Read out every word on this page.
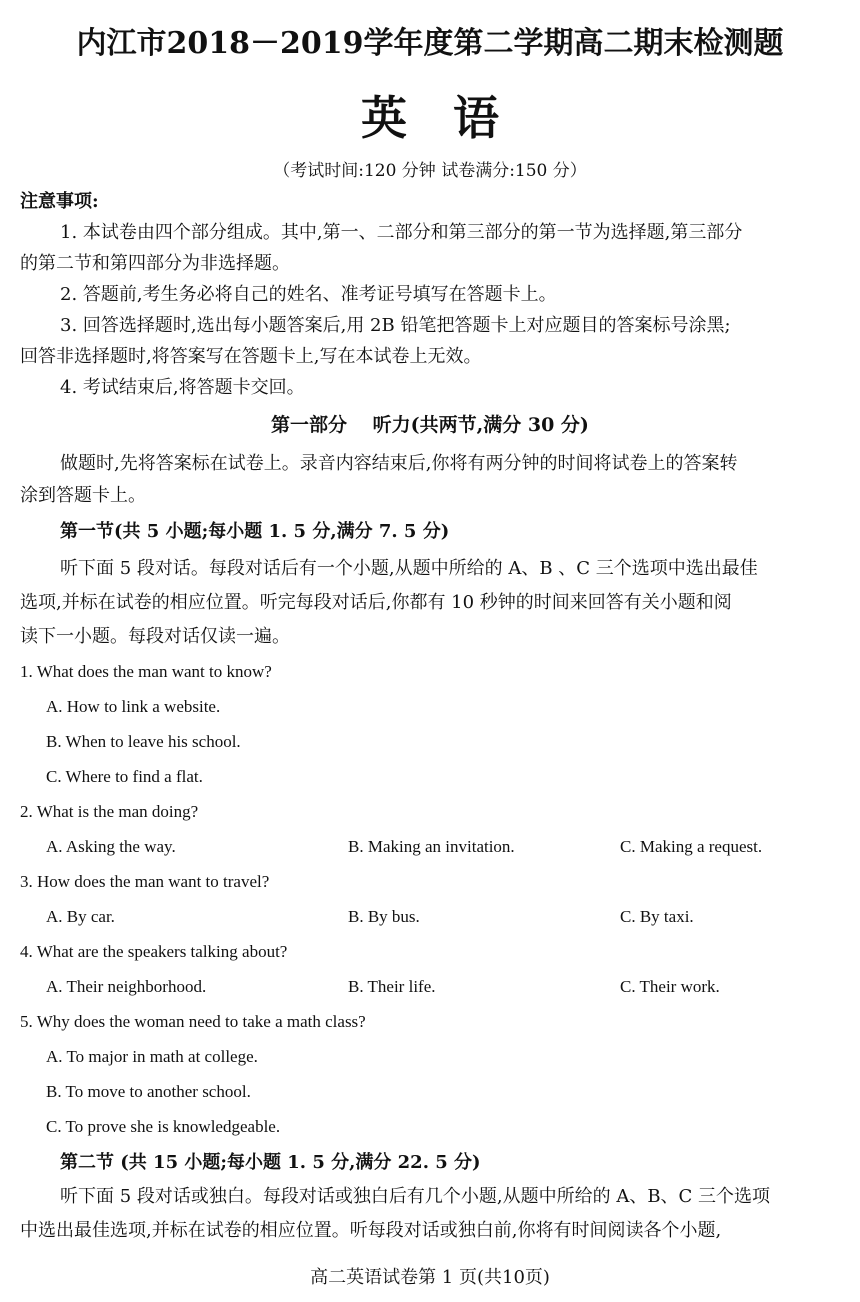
内江市2018－2019学年度第二学期高二期末检测题
英语
（考试时间:120 分钟 试卷满分:150 分）
注意事项:
1. 本试卷由四个部分组成。其中,第一、二部分和第三部分的第一节为选择题,第三部分
的第二节和第四部分为非选择题。
2. 答题前,考生务必将自己的姓名、准考证号填写在答题卡上。
3. 回答选择题时,选出每小题答案后,用 2B 铅笔把答题卡上对应题目的答案标号涂黑;
回答非选择题时,将答案写在答题卡上,写在本试卷上无效。
4. 考试结束后,将答题卡交回。
第一部分　 听力(共两节,满分 30 分)
做题时,先将答案标在试卷上。录音内容结束后,你将有两分钟的时间将试卷上的答案转
涂到答题卡上。
第一节(共 5 小题;每小题 1. 5 分,满分 7. 5 分)
听下面 5 段对话。每段对话后有一个小题,从题中所给的 A、B 、C 三个选项中选出最佳
选项,并标在试卷的相应位置。听完每段对话后,你都有 10 秒钟的时间来回答有关小题和阅
读下一小题。每段对话仅读一遍。
1. What does the man want to know?
A. How to link a website.
B. When to leave his school.
C. Where to find a flat.
2. What is the man doing?
A. Asking the way.	B. Making an invitation.	C. Making a request.
3. How does the man want to travel?
A. By car.	B. By bus.	C. By taxi.
4. What are the speakers talking about?
A. Their neighborhood.	B. Their life.	C. Their work.
5. Why does the woman need to take a math class?
A. To major in math at college.
B. To move to another school.
C. To prove she is knowledgeable.
第二节 (共 15 小题;每小题 1. 5 分,满分 22. 5 分)
听下面 5 段对话或独白。每段对话或独白后有几个小题,从题中所给的 A、B、C 三个选项
中选出最佳选项,并标在试卷的相应位置。听每段对话或独白前,你将有时间阅读各个小题,
高二英语试卷第 1 页(共10页)
